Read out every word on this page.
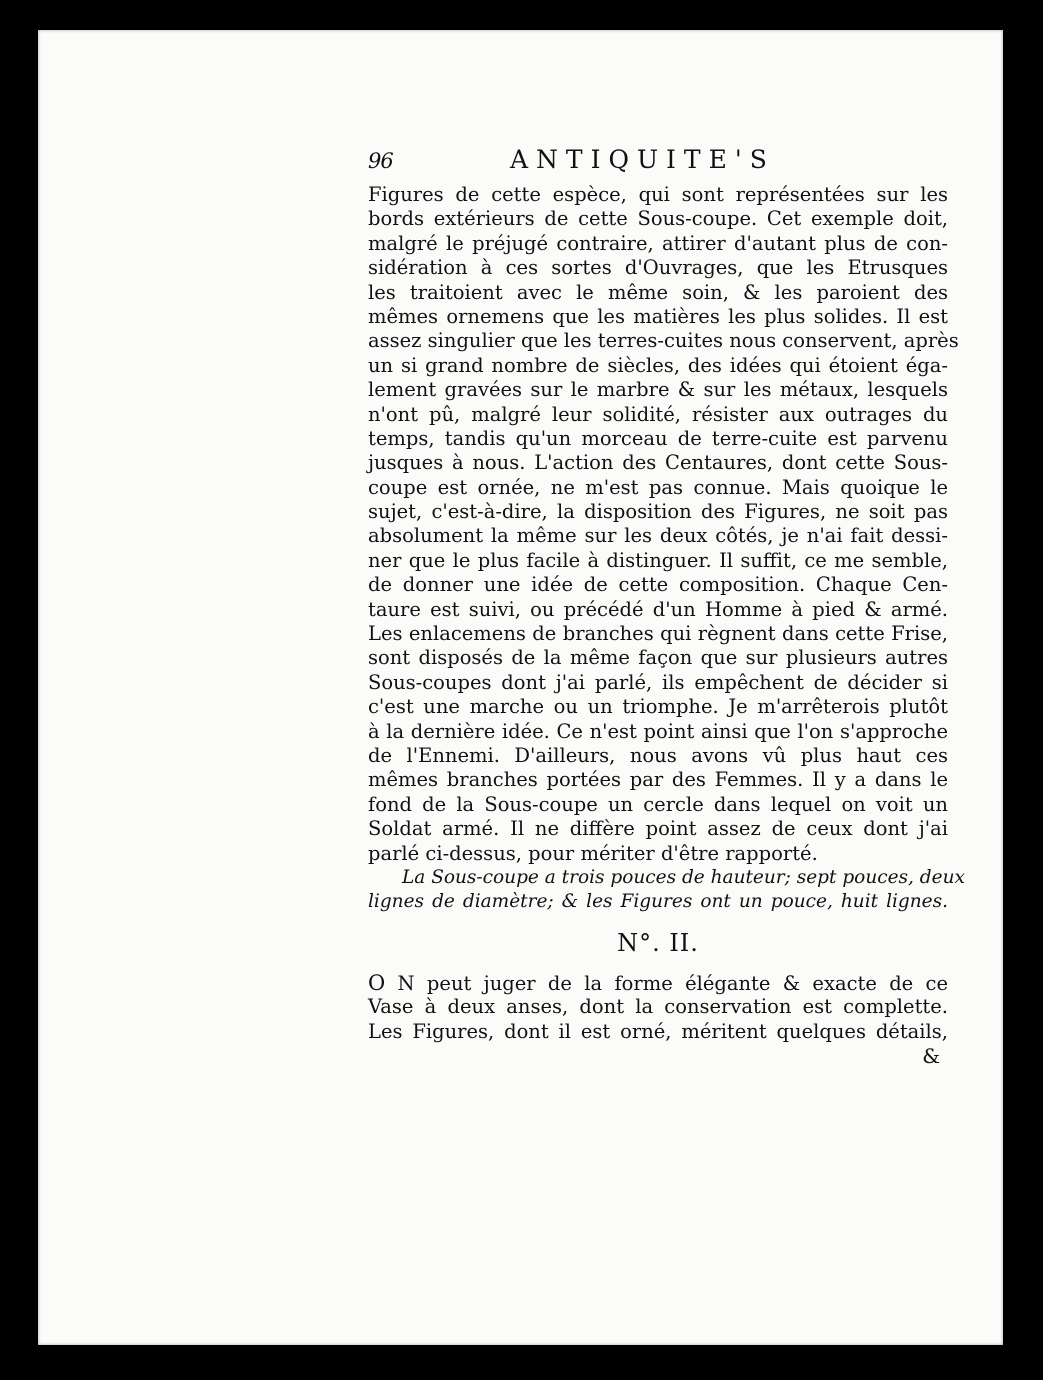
96	ANTIQUITE'S
Figures de cette espèce, qui sont représentées sur les
bords extérieurs de cette Sous-coupe. Cet exemple doit,
malgré le préjugé contraire, attirer d'autant plus de con-
sidération à ces sortes d'Ouvrages, que les Etrusques
les traitoient avec le même soin, & les paroient des
mêmes ornemens que les matières les plus solides. Il est
assez singulier que les terres-cuites nous conservent, après
un si grand nombre de siècles, des idées qui étoient éga-
lement gravées sur le marbre & sur les métaux, lesquels
n'ont pû, malgré leur solidité, résister aux outrages du
temps, tandis qu'un morceau de terre-cuite est parvenu
jusques à nous. L'action des Centaures, dont cette Sous-
coupe est ornée, ne m'est pas connue. Mais quoique le
sujet, c'est-à-dire, la disposition des Figures, ne soit pas
absolument la même sur les deux côtés, je n'ai fait dessi-
ner que le plus facile à distinguer. Il suffit, ce me semble,
de donner une idée de cette composition. Chaque Cen-
taure est suivi, ou précédé d'un Homme à pied & armé.
Les enlacemens de branches qui règnent dans cette Frise,
sont disposés de la même façon que sur plusieurs autres
Sous-coupes dont j'ai parlé, ils empêchent de décider si
c'est une marche ou un triomphe. Je m'arrêterois plutôt
à la dernière idée. Ce n'est point ainsi que l'on s'approche
de l'Ennemi. D'ailleurs, nous avons vû plus haut ces
mêmes branches portées par des Femmes. Il y a dans le
fond de la Sous-coupe un cercle dans lequel on voit un
Soldat armé. Il ne diffère point assez de ceux dont j'ai
parlé ci-dessus, pour mériter d'être rapporté.
La Sous-coupe a trois pouces de hauteur; sept pouces, deux
lignes de diamètre; & les Figures ont un pouce, huit lignes.
N°. II.
O N peut juger de la forme élégante & exacte de ce
Vase à deux anses, dont la conservation est complette.
Les Figures, dont il est orné, méritent quelques détails,
&
